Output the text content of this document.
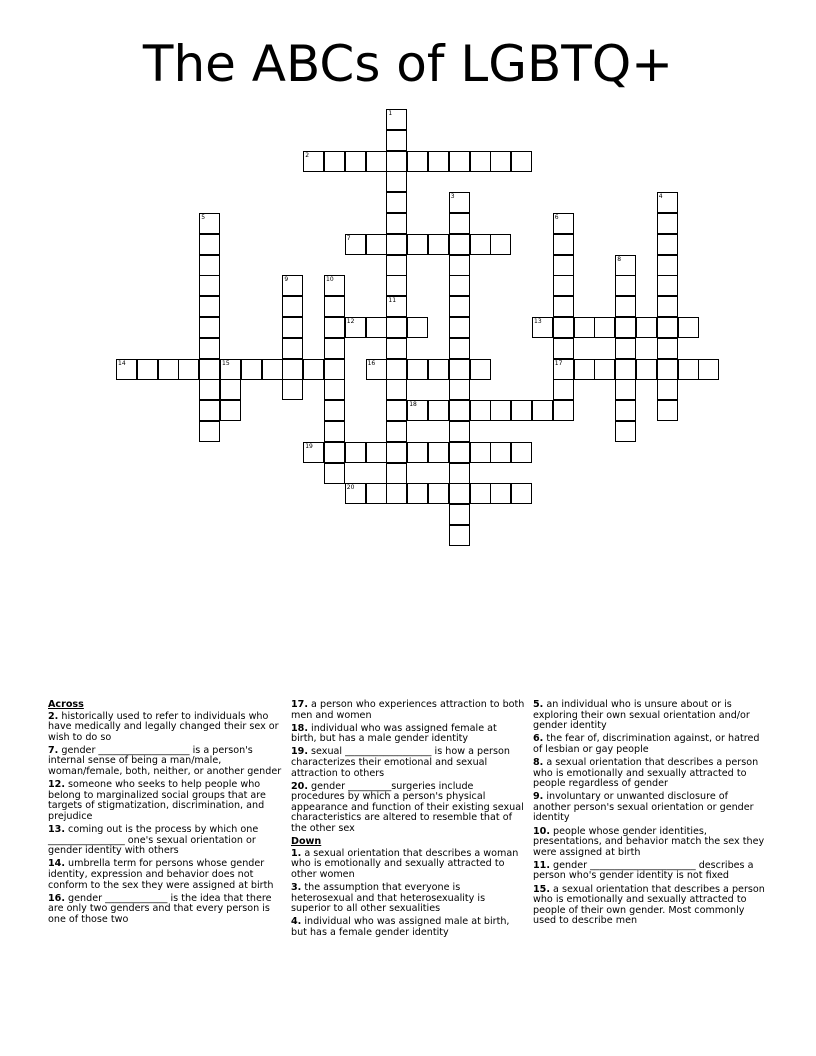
The ABCs of LGBTQ+
1
11
2
3	4
5	6
17
7
8
9	10
12	13
14	15	16
18
19
20
Across
2. historically used to refer to individuals who have medically and legally changed their sex or wish to do so
7. gender ___________________ is a person's internal sense of being a man/male, woman/female, both, neither, or another gender
12. someone who seeks to help people who belong to marginalized social groups that are targets of stigmatization, discrimination, and prejudice
13. coming out is the process by which one ________________ one's sexual orientation or gender identity with others
14. umbrella term for persons whose gender identity, expression and behavior does not conform to the sex they were assigned at birth
16. gender _____________ is the idea that there are only two genders and that every person is one of those two
17. a person who experiences attraction to both men and women
18. individual who was assigned female at birth, but has a male gender identity
19. sexual __________________ is how a person characterizes their emotional and sexual attraction to others
20. gender _________surgeries include procedures by which a person's physical appearance and function of their existing sexual characteristics are altered to resemble that of the other sex
Down
1. a sexual orientation that describes a woman who is emotionally and sexually attracted to other women
3. the assumption that everyone is heterosexual and that heterosexuality is superior to all other sexualities
4. individual who was assigned male at birth, but has a female gender identity
5. an individual who is unsure about or is exploring their own sexual orientation and/or gender identity
6. the fear of, discrimination against, or hatred of lesbian or gay people
8. a sexual orientation that describes a person who is emotionally and sexually attracted to people regardless of gender
9. involuntary or unwanted disclosure of another person's sexual orientation or gender identity
10. people whose gender identities, presentations, and behavior match the sex they were assigned at birth
11. gender ______________________ describes a person who's gender identity is not fixed
15. a sexual orientation that describes a person who is emotionally and sexually attracted to people of their own gender. Most commonly used to describe men
